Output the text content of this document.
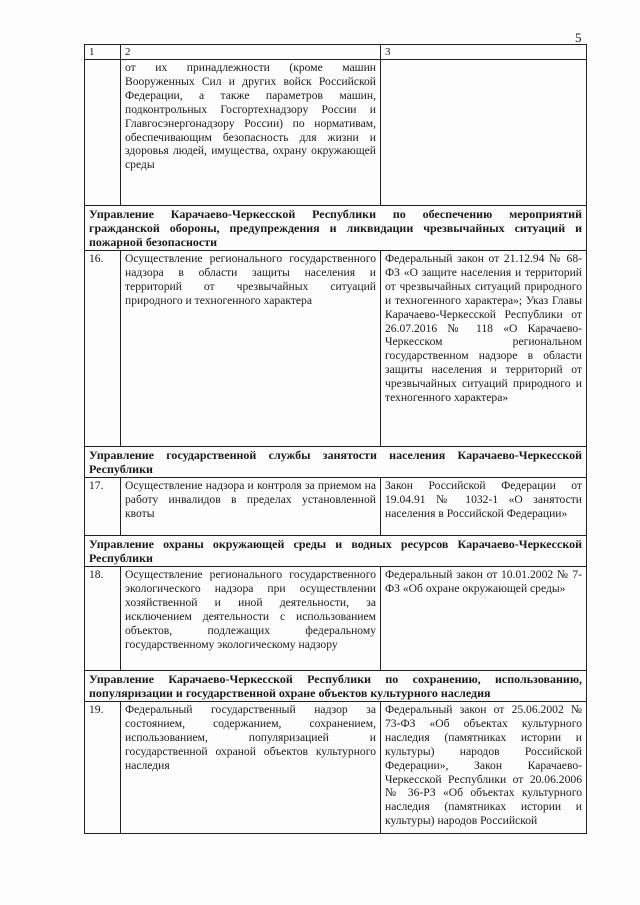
5
1	2	3
	от их принадлежности (кроме машин Вооруженных Сил и других войск Российской Федерации, а также параметров машин, подконтрольных Госгортехнадзору России и Главгосэнергонадзору России) по нормативам, обеспечивающим безопасность для жизни и здоровья людей, имущества, охрану окружающей среды	
Управление Карачаево-Черкесской Республики по обеспечению мероприятий гражданской обороны, предупреждения и ликвидации чрезвычайных ситуаций и пожарной безопасности		
16.	Осуществление регионального государственного надзора в области защиты населения и территорий от чрезвычайных ситуаций природного и техногенного характера	Федеральный закон от 21.12.94 № 68-ФЗ «О защите населения и территорий от чрезвычайных ситуаций природного и техногенного характера»; Указ Главы Карачаево-Черкесской Республики от 26.07.2016 № 118 «О Карачаево-Черкесском региональном государственном надзоре в области защиты населения и территорий от чрезвычайных ситуаций природного и техногенного характера»
Управление государственной службы занятости населения Карачаево-Черкесской Республики		
17.	Осуществление надзора и контроля за приемом на работу инвалидов в пределах установленной квоты	Закон Российской Федерации от 19.04.91 № 1032-1 «О занятости населения в Российской Федерации»
Управление охраны окружающей среды и водных ресурсов Карачаево-Черкесской Республики		
18.	Осуществление регионального государственного экологического надзора при осуществлении хозяйственной и иной деятельности, за исключением деятельности с использованием объектов, подлежащих федеральному государственному экологическому надзору	Федеральный закон от 10.01.2002 № 7-ФЗ «Об охране окружающей среды»
Управление Карачаево-Черкесской Республики по сохранению, использованию, популяризации и государственной охране объектов культурного наследия		
19.	Федеральный государственный надзор за состоянием, содержанием, сохранением, использованием, популяризацией и государственной охраной объектов культурного наследия	Федеральный закон от 25.06.2002 № 73-ФЗ «Об объектах культурного наследия (памятниках истории и культуры) народов Российской Федерации», Закон Карачаево-Черкесской Республики от 20.06.2006 № 36-РЗ «Об объектах культурного наследия (памятниках истории и культуры) народов Российской
